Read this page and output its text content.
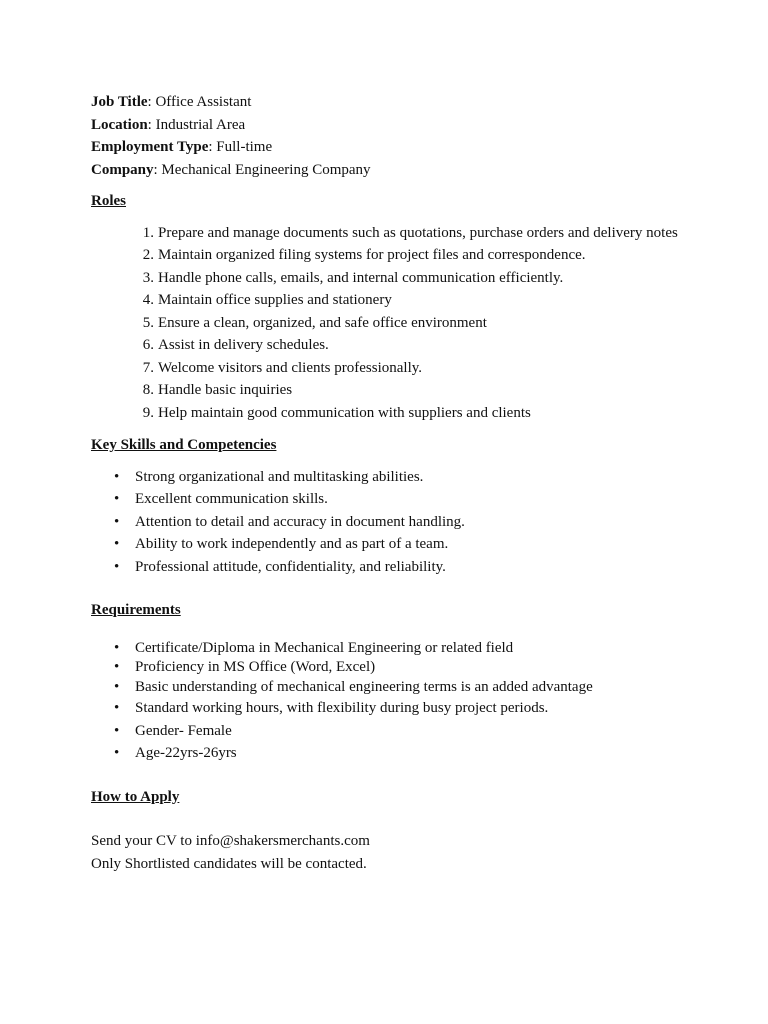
Job Title: Office Assistant

Location: Industrial Area

Employment Type: Full-time

Company: Mechanical Engineering Company

Roles

1. Prepare and manage documents such as quotations, purchase orders and delivery notes
2. Maintain organized filing systems for project files and correspondence.
3. Handle phone calls, emails, and internal communication efficiently.
4. Maintain office supplies and stationery
5. Ensure a clean, organized, and safe office environment
6. Assist in delivery schedules.
7. Welcome visitors and clients professionally.
8. Handle basic inquiries
9. Help maintain good communication with suppliers and clients

Key Skills and Competencies

• Strong organizational and multitasking abilities.
• Excellent communication skills.
• Attention to detail and accuracy in document handling.
• Ability to work independently and as part of a team.
• Professional attitude, confidentiality, and reliability.

Requirements

• Certificate/Diploma in Mechanical Engineering or related field
• Proficiency in MS Office (Word, Excel)
• Basic understanding of mechanical engineering terms is an added advantage
• Standard working hours, with flexibility during busy project periods.
• Gender- Female
• Age-22yrs-26yrs

How to Apply

Send your CV to info@shakersmerchants.com

Only Shortlisted candidates will be contacted.
